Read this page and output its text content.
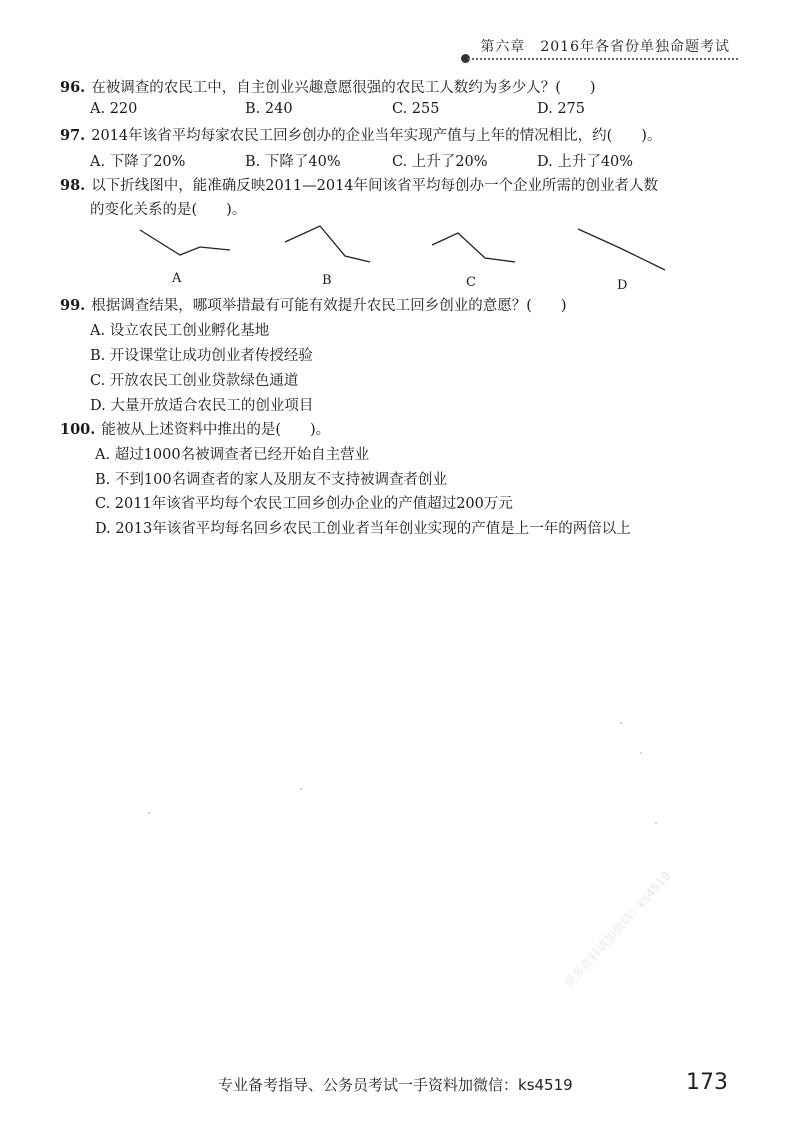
第六章　2016年各省份单独命题考试
96. 在被调查的农民工中，自主创业兴趣意愿很强的农民工人数约为多少人？(　　)
A. 220	B. 240	C. 255	D. 275
97. 2014年该省平均每家农民工回乡创办的企业当年实现产值与上年的情况相比，约(　　)。
A. 下降了20%	B. 下降了40%	C. 上升了20%	D. 上升了40%
98. 以下折线图中，能准确反映2011—2014年间该省平均每创办一个企业所需的创业者人数
的变化关系的是(　　)。
A	B	C	D
99. 根据调查结果，哪项举措最有可能有效提升农民工回乡创业的意愿？(　　)
A. 设立农民工创业孵化基地
B. 开设课堂让成功创业者传授经验
C. 开放农民工创业贷款绿色通道
D. 大量开放适合农民工的创业项目
100. 能被从上述资料中推出的是(　　)。
A. 超过1000名被调查者已经开始自主营业
B. 不到100名调查者的家人及朋友不支持被调查者创业
C. 2011年该省平均每个农民工回乡创办企业的产值超过200万元
D. 2013年该省平均每名回乡农民工创业者当年创业实现的产值是上一年的两倍以上
更多资料请加微信：ks4519
专业备考指导、公务员考试一手资料加微信：ks4519	173
